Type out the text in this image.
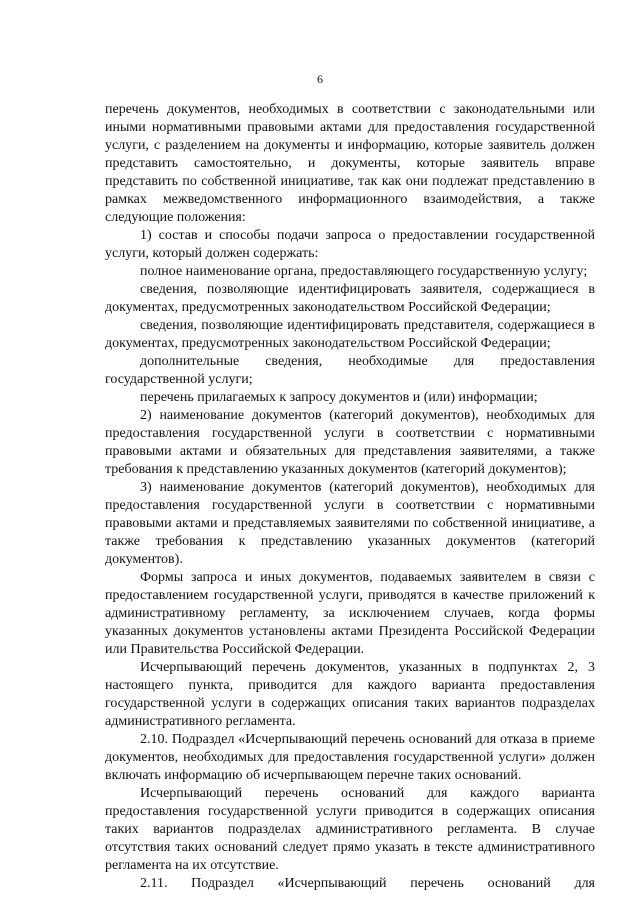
6

перечень документов, необходимых в соответствии с законодательными или иными нормативными правовыми актами для предоставления государственной услуги, с разделением на документы и информацию, которые заявитель должен представить самостоятельно, и документы, которые заявитель вправе представить по собственной инициативе, так как они подлежат представлению в рамках межведомственного информационного взаимодействия, а также следующие положения:

1) состав и способы подачи запроса о предоставлении государственной услуги, который должен содержать:

полное наименование органа, предоставляющего государственную услугу;

сведения, позволяющие идентифицировать заявителя, содержащиеся в документах, предусмотренных законодательством Российской Федерации;

сведения, позволяющие идентифицировать представителя, содержащиеся в документах, предусмотренных законодательством Российской Федерации;

дополнительные сведения, необходимые для предоставления государственной услуги;

перечень прилагаемых к запросу документов и (или) информации;

2) наименование документов (категорий документов), необходимых для предоставления государственной услуги в соответствии с нормативными правовыми актами и обязательных для представления заявителями, а также требования к представлению указанных документов (категорий документов);

3) наименование документов (категорий документов), необходимых для предоставления государственной услуги в соответствии с нормативными правовыми актами и представляемых заявителями по собственной инициативе, а также требования к представлению указанных документов (категорий документов).

Формы запроса и иных документов, подаваемых заявителем в связи с предоставлением государственной услуги, приводятся в качестве приложений к административному регламенту, за исключением случаев, когда формы указанных документов установлены актами Президента Российской Федерации или Правительства Российской Федерации.

Исчерпывающий перечень документов, указанных в подпунктах 2, 3 настоящего пункта, приводится для каждого варианта предоставления государственной услуги в содержащих описания таких вариантов подразделах административного регламента.

2.10. Подраздел «Исчерпывающий перечень оснований для отказа в приеме документов, необходимых для предоставления государственной услуги» должен включать информацию об исчерпывающем перечне таких оснований.

Исчерпывающий перечень оснований для каждого варианта предоставления государственной услуги приводится в содержащих описания таких вариантов подразделах административного регламента. В случае отсутствия таких оснований следует прямо указать в тексте административного регламента на их отсутствие.

2.11. Подраздел «Исчерпывающий перечень оснований для
